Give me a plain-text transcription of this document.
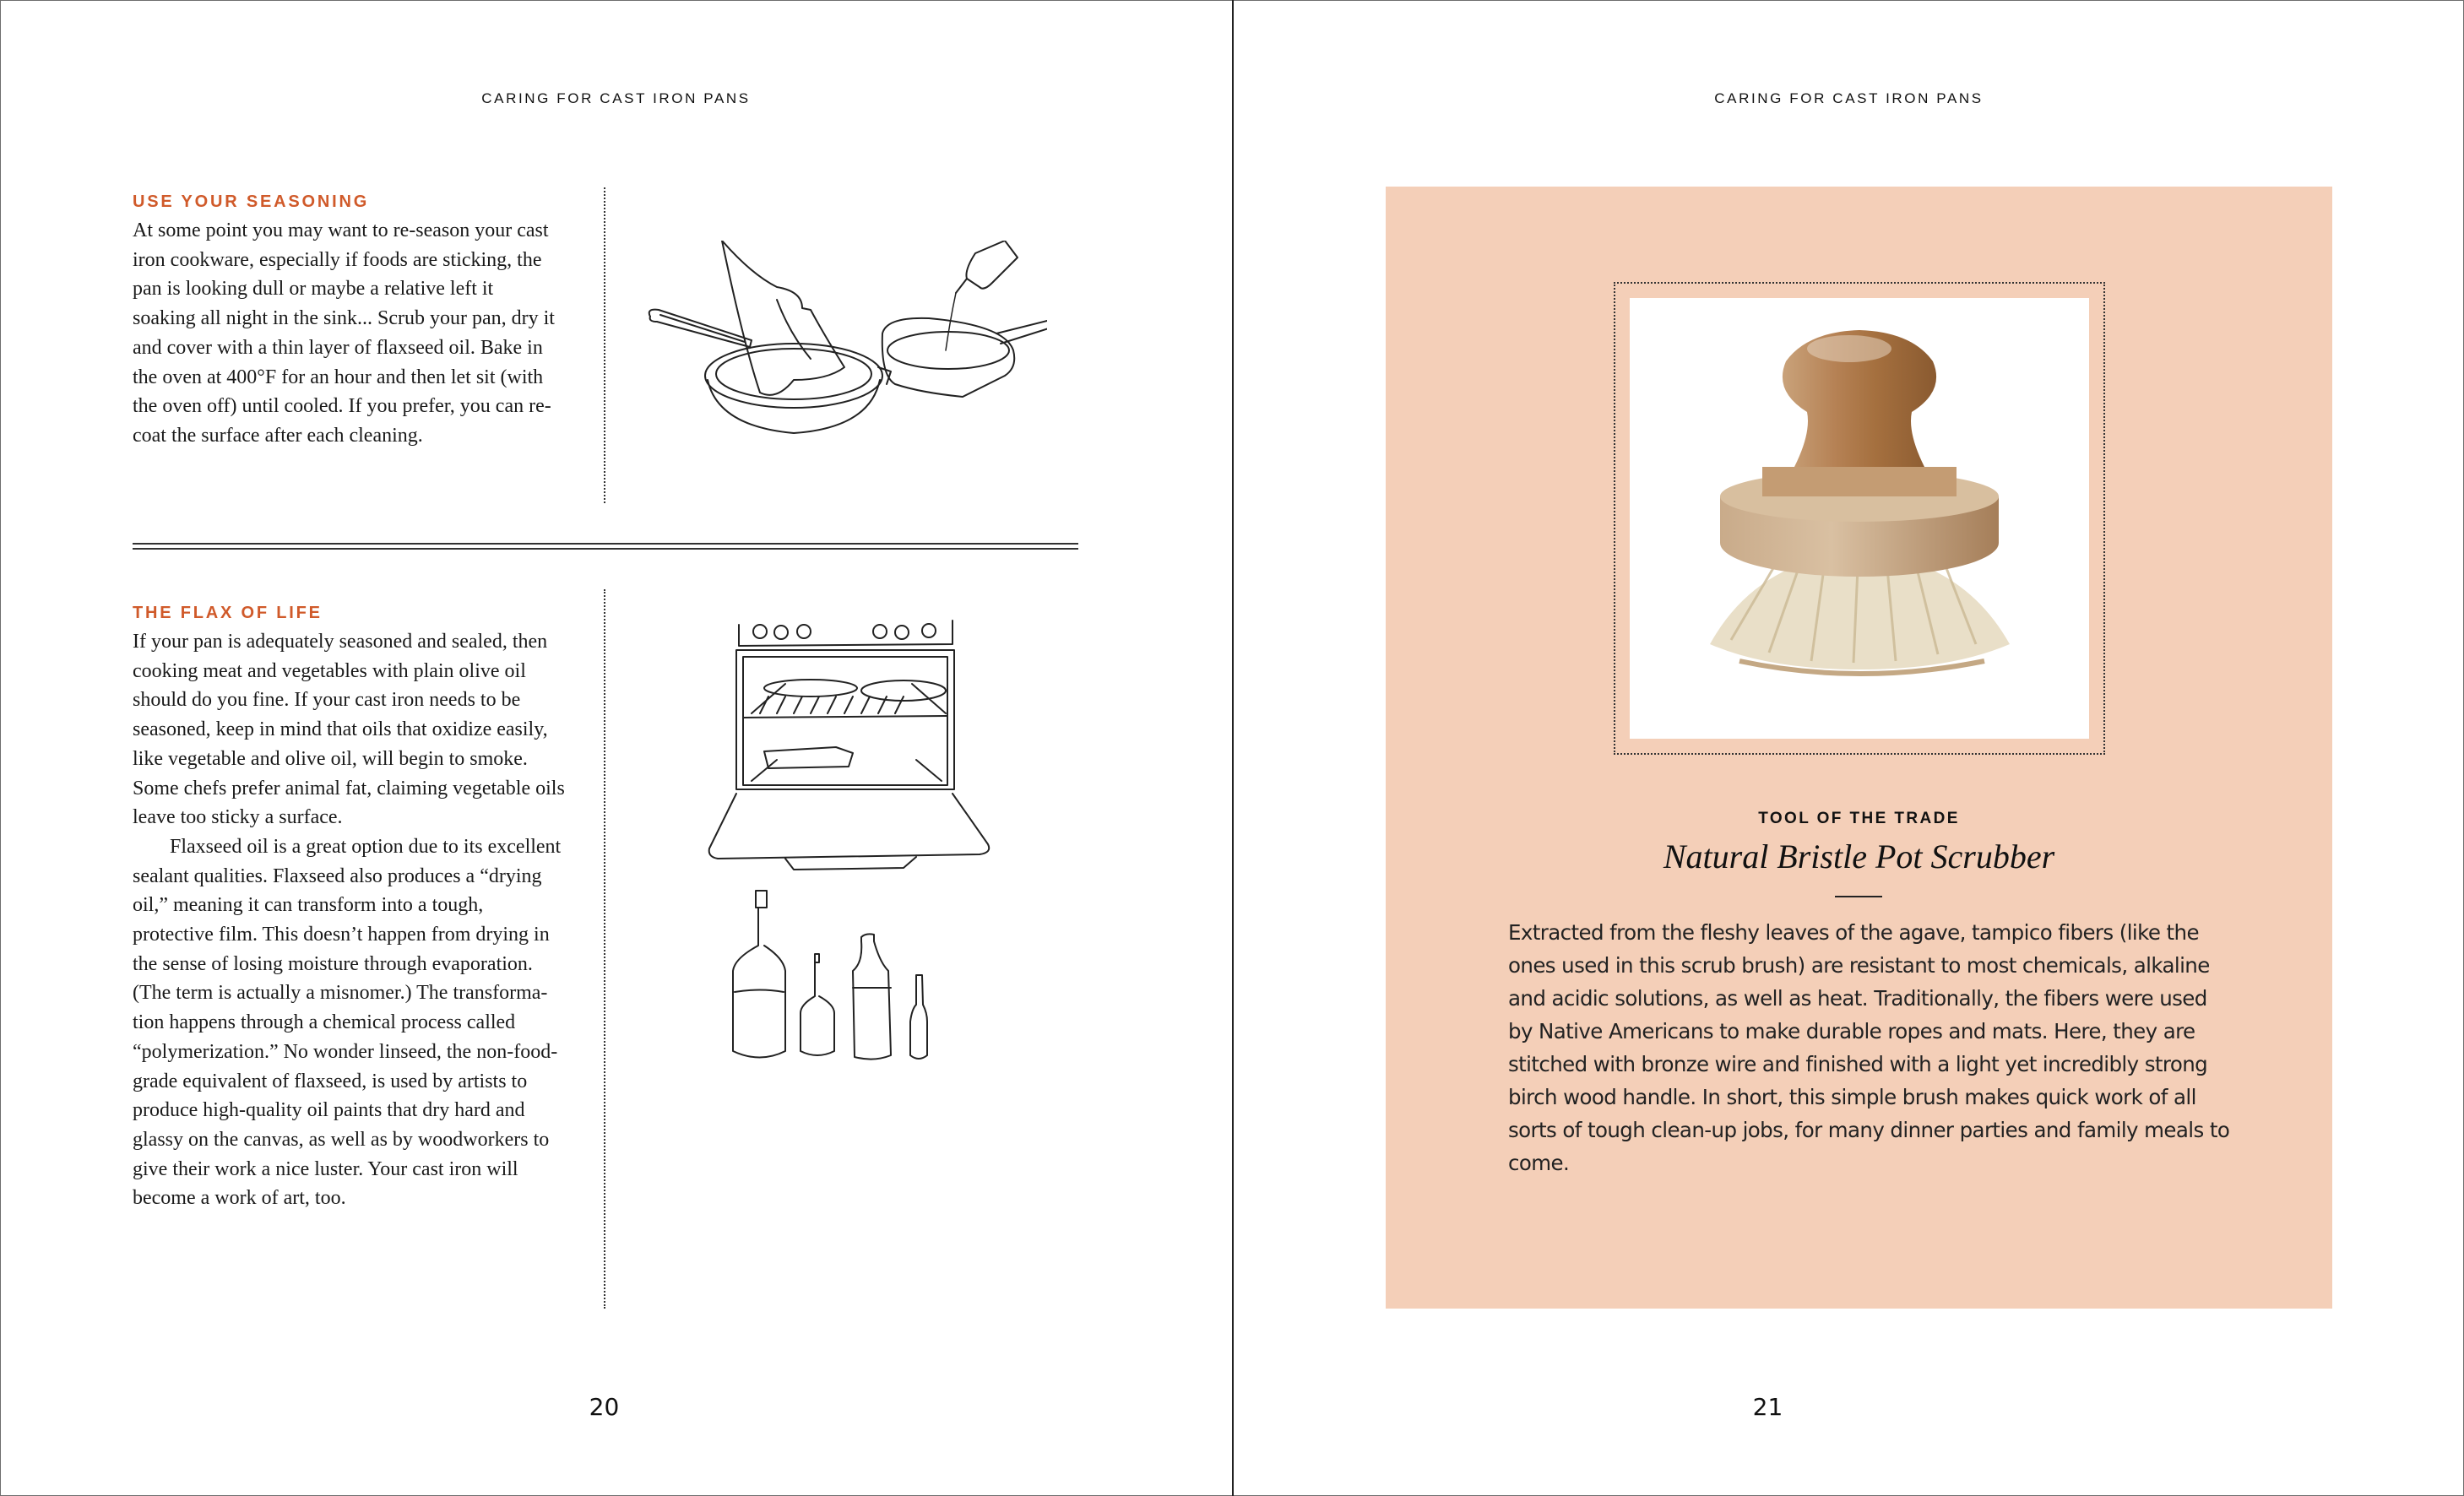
CARING FOR CAST IRON PANS
USE YOUR SEASONING

At some point you may want to re-season your cast iron cookware, especially if foods are sticking, the pan is looking dull or maybe a relative left it soaking all night in the sink... Scrub your pan, dry it and cover with a thin layer of flaxseed oil. Bake in the oven at 400°F for an hour and then let sit (with the oven off) until cooled. If you prefer, you can re-coat the surface after each cleaning.

THE FLAX OF LIFE

If your pan is adequately seasoned and sealed, then cooking meat and vegetables with plain olive oil should do you fine. If your cast iron needs to be seasoned, keep in mind that oils that oxidize easily, like vegetable and olive oil, will begin to smoke. Some chefs prefer animal fat, claiming vegetable oils leave too sticky a surface.

Flaxseed oil is a great option due to its excellent sealant qualities. Flaxseed also produces a “drying oil,” meaning it can transform into a tough, protective film. This doesn’t happen from drying in the sense of losing moisture through evaporation. (The term is actually a misnomer.) The transforma-tion happens through a chemical process called “polymerization.” No wonder linseed, the non-food-grade equivalent of flaxseed, is used by artists to produce high-quality oil paints that dry hard and glassy on the canvas, as well as by woodworkers to give their work a nice luster. Your cast iron will become a work of art, too.

20
CARING FOR CAST IRON PANS
TOOL OF THE TRADE
Natural Bristle Pot Scrubber

Extracted from the fleshy leaves of the agave, tampico fibers (like the ones used in this scrub brush) are resistant to most chemicals, alkaline and acidic solutions, as well as heat. Traditionally, the fibers were used by Native Americans to make durable ropes and mats. Here, they are stitched with bronze wire and finished with a light yet incredibly strong birch wood handle. In short, this simple brush makes quick work of all sorts of tough clean-up jobs, for many dinner parties and family meals to come.

21
